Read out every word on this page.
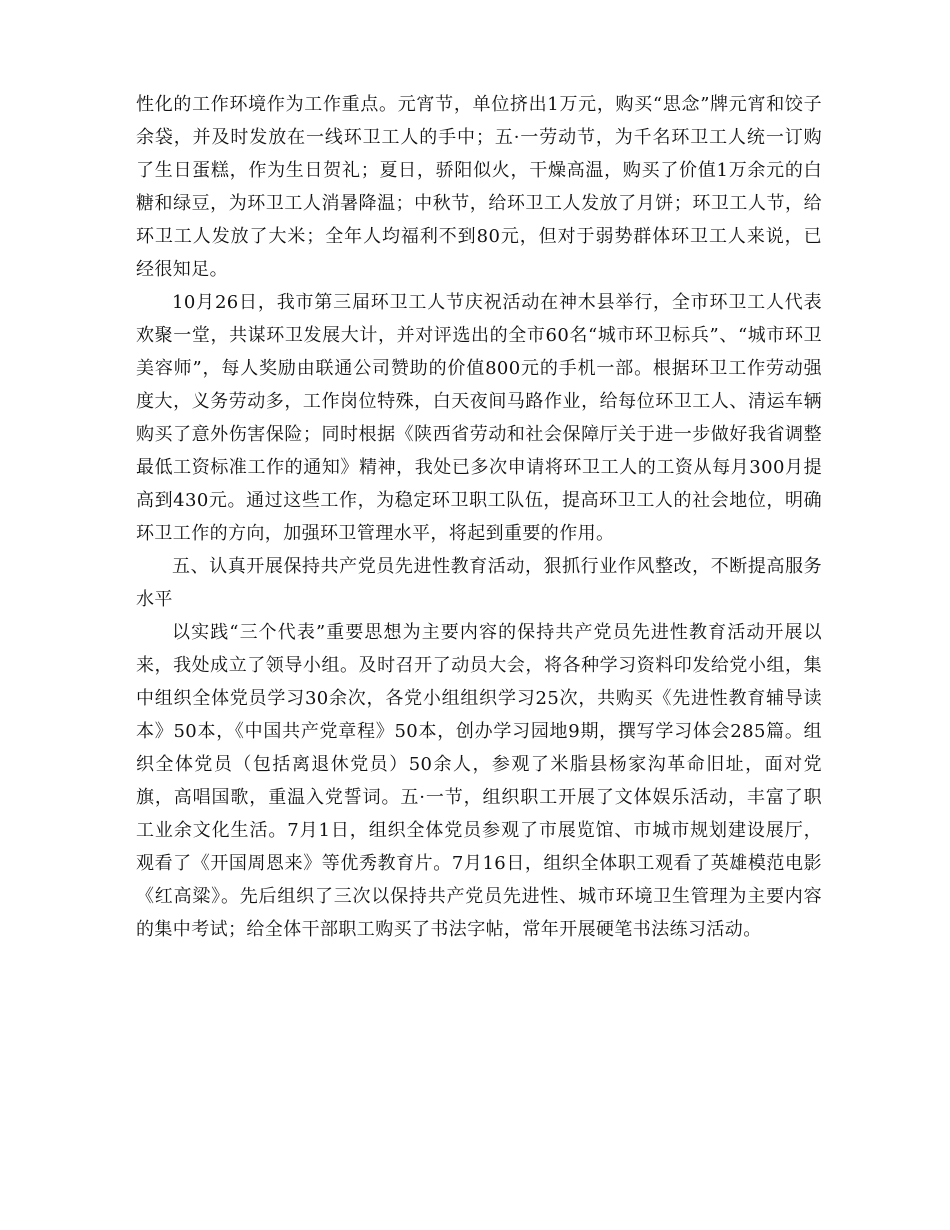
性化的工作环境作为工作重点。元宵节，单位挤出1万元，购买“思念”牌元宵和饺子余袋，并及时发放在一线环卫工人的手中；五·一劳动节，为千名环卫工人统一订购了生日蛋糕，作为生日贺礼；夏日，骄阳似火，干燥高温，购买了价值1万余元的白糖和绿豆，为环卫工人消暑降温；中秋节，给环卫工人发放了月饼；环卫工人节，给环卫工人发放了大米；全年人均福利不到80元，但对于弱势群体环卫工人来说，已经很知足。

10月26日，我市第三届环卫工人节庆祝活动在神木县举行，全市环卫工人代表欢聚一堂，共谋环卫发展大计，并对评选出的全市60名“城市环卫标兵”、“城市环卫美容师”，每人奖励由联通公司赞助的价值800元的手机一部。根据环卫工作劳动强度大，义务劳动多，工作岗位特殊，白天夜间马路作业，给每位环卫工人、清运车辆购买了意外伤害保险；同时根据《陕西省劳动和社会保障厅关于进一步做好我省调整最低工资标准工作的通知》精神，我处已多次申请将环卫工人的工资从每月300月提高到430元。通过这些工作，为稳定环卫职工队伍，提高环卫工人的社会地位，明确环卫工作的方向，加强环卫管理水平，将起到重要的作用。

五、认真开展保持共产党员先进性教育活动，狠抓行业作风整改，不断提高服务水平

以实践“三个代表”重要思想为主要内容的保持共产党员先进性教育活动开展以来，我处成立了领导小组。及时召开了动员大会，将各种学习资料印发给党小组，集中组织全体党员学习30余次，各党小组组织学习25次，共购买《先进性教育辅导读本》50本，《中国共产党章程》50本，创办学习园地9期，撰写学习体会285篇。组织全体党员（包括离退休党员）50余人，参观了米脂县杨家沟革命旧址，面对党旗，高唱国歌，重温入党誓词。五·一节，组织职工开展了文体娱乐活动，丰富了职工业余文化生活。7月1日，组织全体党员参观了市展览馆、市城市规划建设展厅，观看了《开国周恩来》等优秀教育片。7月16日，组织全体职工观看了英雄模范电影《红高粱》。先后组织了三次以保持共产党员先进性、城市环境卫生管理为主要内容的集中考试；给全体干部职工购买了书法字帖，常年开展硬笔书法练习活动。
